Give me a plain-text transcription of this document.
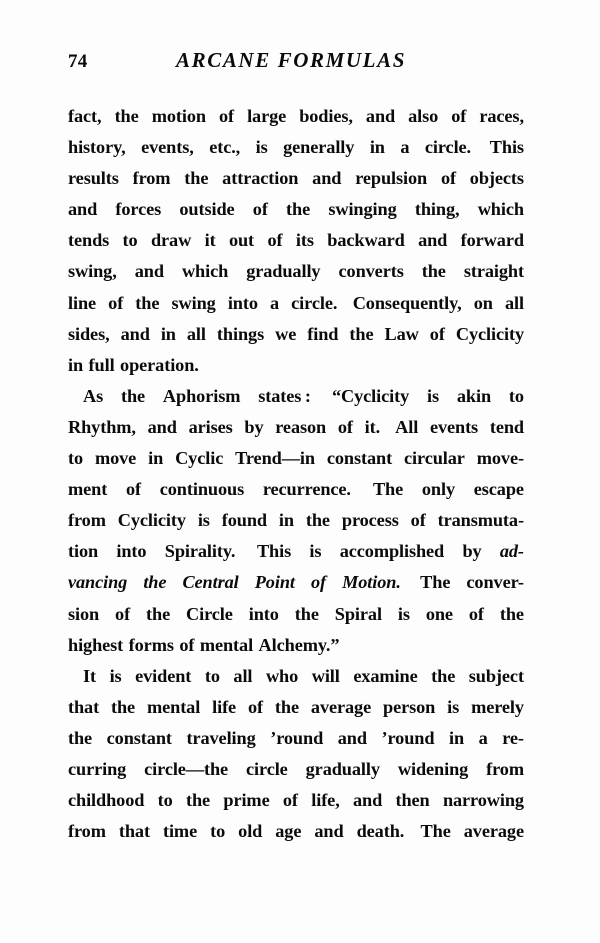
74	ARCANE FORMULAS
fact, the motion of large bodies, and also of races,
history, events, etc., is generally in a circle. This
results from the attraction and repulsion of objects
and forces outside of the swinging thing, which
tends to draw it out of its backward and forward
swing, and which gradually converts the straight
line of the swing into a circle. Consequently, on all
sides, and in all things we find the Law of Cyclicity
in full operation.
As the Aphorism states : “Cyclicity is akin to
Rhythm, and arises by reason of it. All events tend
to move in Cyclic Trend—in constant circular move-
ment of continuous recurrence. The only escape
from Cyclicity is found in the process of transmuta-
tion into Spirality. This is accomplished by ad-
vancing the Central Point of Motion. The conver-
sion of the Circle into the Spiral is one of the
highest forms of mental Alchemy.”
It is evident to all who will examine the subject
that the mental life of the average person is merely
the constant traveling ’round and ’round in a re-
curring circle—the circle gradually widening from
childhood to the prime of life, and then narrowing
from that time to old age and death. The average
